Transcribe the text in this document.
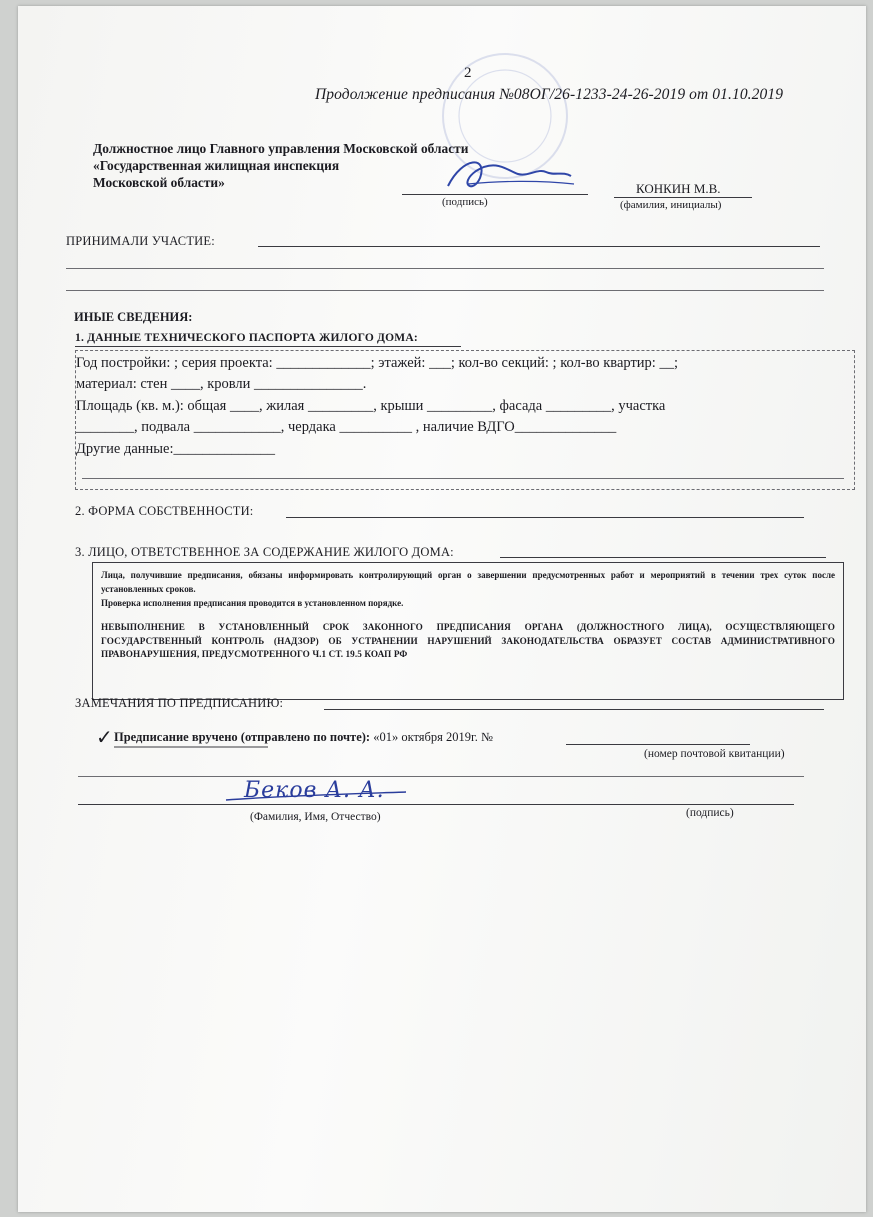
2
Продолжение предписания №08ОГ/26-1233-24-26-2019 от 01.10.2019
Должностное лицо Главного управления Московской области
«Государственная жилищная инспекция
Московской области»
(подпись)
КОНКИН М.В.
(фамилия, инициалы)
ПРИНИМАЛИ УЧАСТИЕ:
ИНЫЕ СВЕДЕНИЯ:
1. ДАННЫЕ ТЕХНИЧЕСКОГО ПАСПОРТА ЖИЛОГО ДОМА:
Год постройки: ; серия проекта: _____________; этажей: ___; кол-во секций: ; кол-во квартир: __;
материал: стен ____, кровли _______________.
Площадь (кв. м.): общая ____, жилая _________, крыши _________, фасада _________, участка
________, подвала ____________, чердака __________ , наличие ВДГО______________
Другие данные:______________
2. ФОРМА СОБСТВЕННОСТИ:
3. ЛИЦО, ОТВЕТСТВЕННОЕ ЗА СОДЕРЖАНИЕ ЖИЛОГО ДОМА:
Лица, получившие предписания, обязаны информировать контролирующий орган о завершении предусмотренных работ и мероприятий в течении трех суток после установленных сроков.
Проверка исполнения предписания проводится в установленном порядке.
НЕВЫПОЛНЕНИЕ В УСТАНОВЛЕННЫЙ СРОК ЗАКОННОГО ПРЕДПИСАНИЯ ОРГАНА (ДОЛЖНОСТНОГО ЛИЦА), ОСУЩЕСТВЛЯЮЩЕГО ГОСУДАРСТВЕННЫЙ КОНТРОЛЬ (НАДЗОР) ОБ УСТРАНЕНИИ НАРУШЕНИЙ ЗАКОНОДАТЕЛЬСТВА ОБРАЗУЕТ СОСТАВ АДМИНИСТРАТИВНОГО ПРАВОНАРУШЕНИЯ, ПРЕДУСМОТРЕННОГО Ч.1 СТ. 19.5 КОАП РФ
ЗАМЕЧАНИЯ ПО ПРЕДПИСАНИЮ:
✓ Предписание вручено (отправлено по почте): «01» октября 2019г. №
(номер почтовой квитанции)
Беков А. А.
(Фамилия, Имя, Отчество)	(подпись)
